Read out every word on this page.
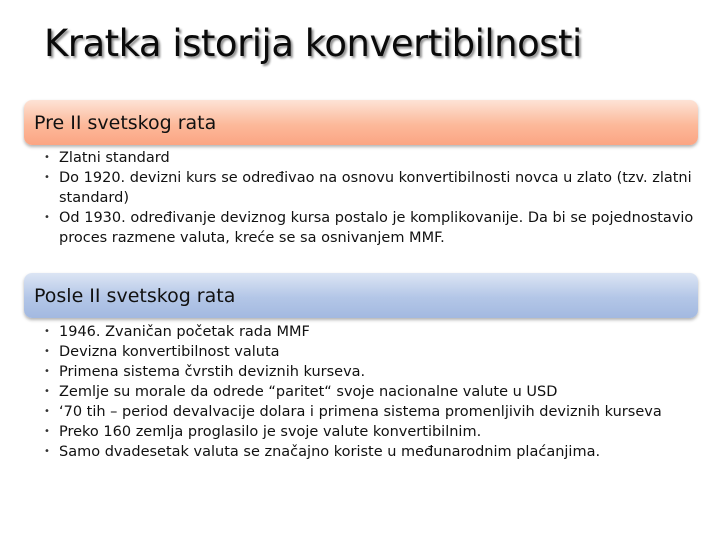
Kratka istorija konvertibilnosti
Pre II svetskog rata
• Zlatni standard
• Do 1920. devizni kurs se određivao na osnovu konvertibilnosti novca u zlato (tzv. zlatni standard)
• Od 1930. određivanje deviznog kursa postalo je komplikovanije. Da bi se pojednostavio proces razmene valuta, kreće se sa osnivanjem MMF.
Posle II svetskog rata
• 1946. Zvaničan početak rada MMF
• Devizna konvertibilnost valuta
• Primena sistema čvrstih deviznih kurseva.
• Zemlje su morale da odrede “paritet“ svoje nacionalne valute u USD
• ‘70 tih – period devalvacije dolara i primena sistema promenljivih deviznih kurseva
• Preko 160 zemlja proglasilo je svoje valute konvertibilnim.
• Samo dvadesetak valuta se značajno koriste u međunarodnim plaćanjima.
